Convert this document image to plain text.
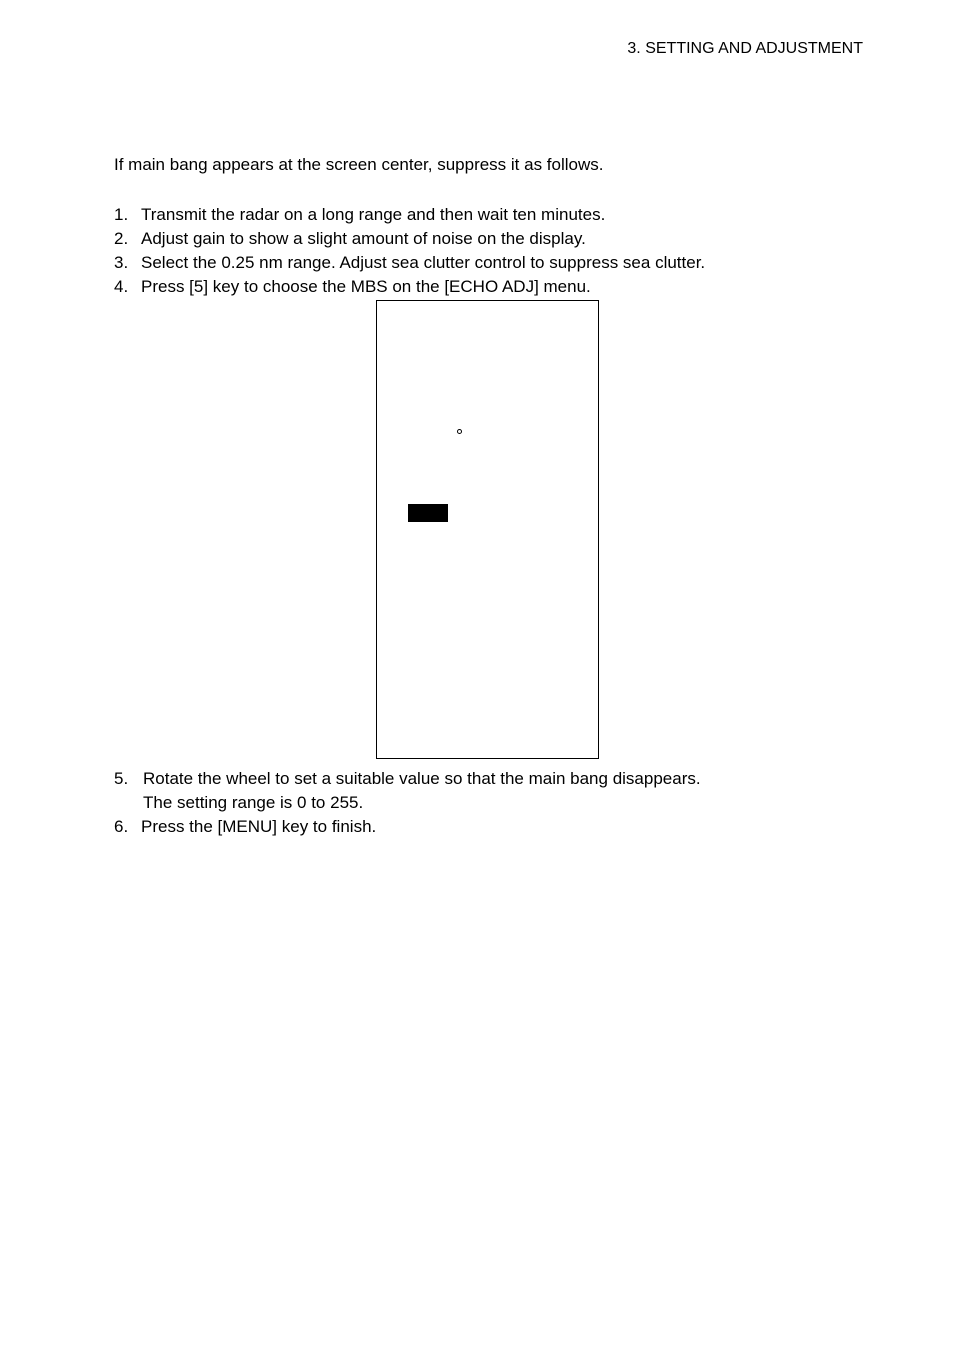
3. SETTING AND ADJUSTMENT
If main bang appears at the screen center, suppress it as follows.
1. Transmit the radar on a long range and then wait ten minutes.
2. Adjust gain to show a slight amount of noise on the display.
3. Select the 0.25 nm range. Adjust sea clutter control to suppress sea clutter.
4. Press [5] key to choose the MBS on the [ECHO ADJ] menu.
5. Rotate the wheel to set a suitable value so that the main bang disappears.
The setting range is 0 to 255.
6. Press the [MENU] key to finish.
